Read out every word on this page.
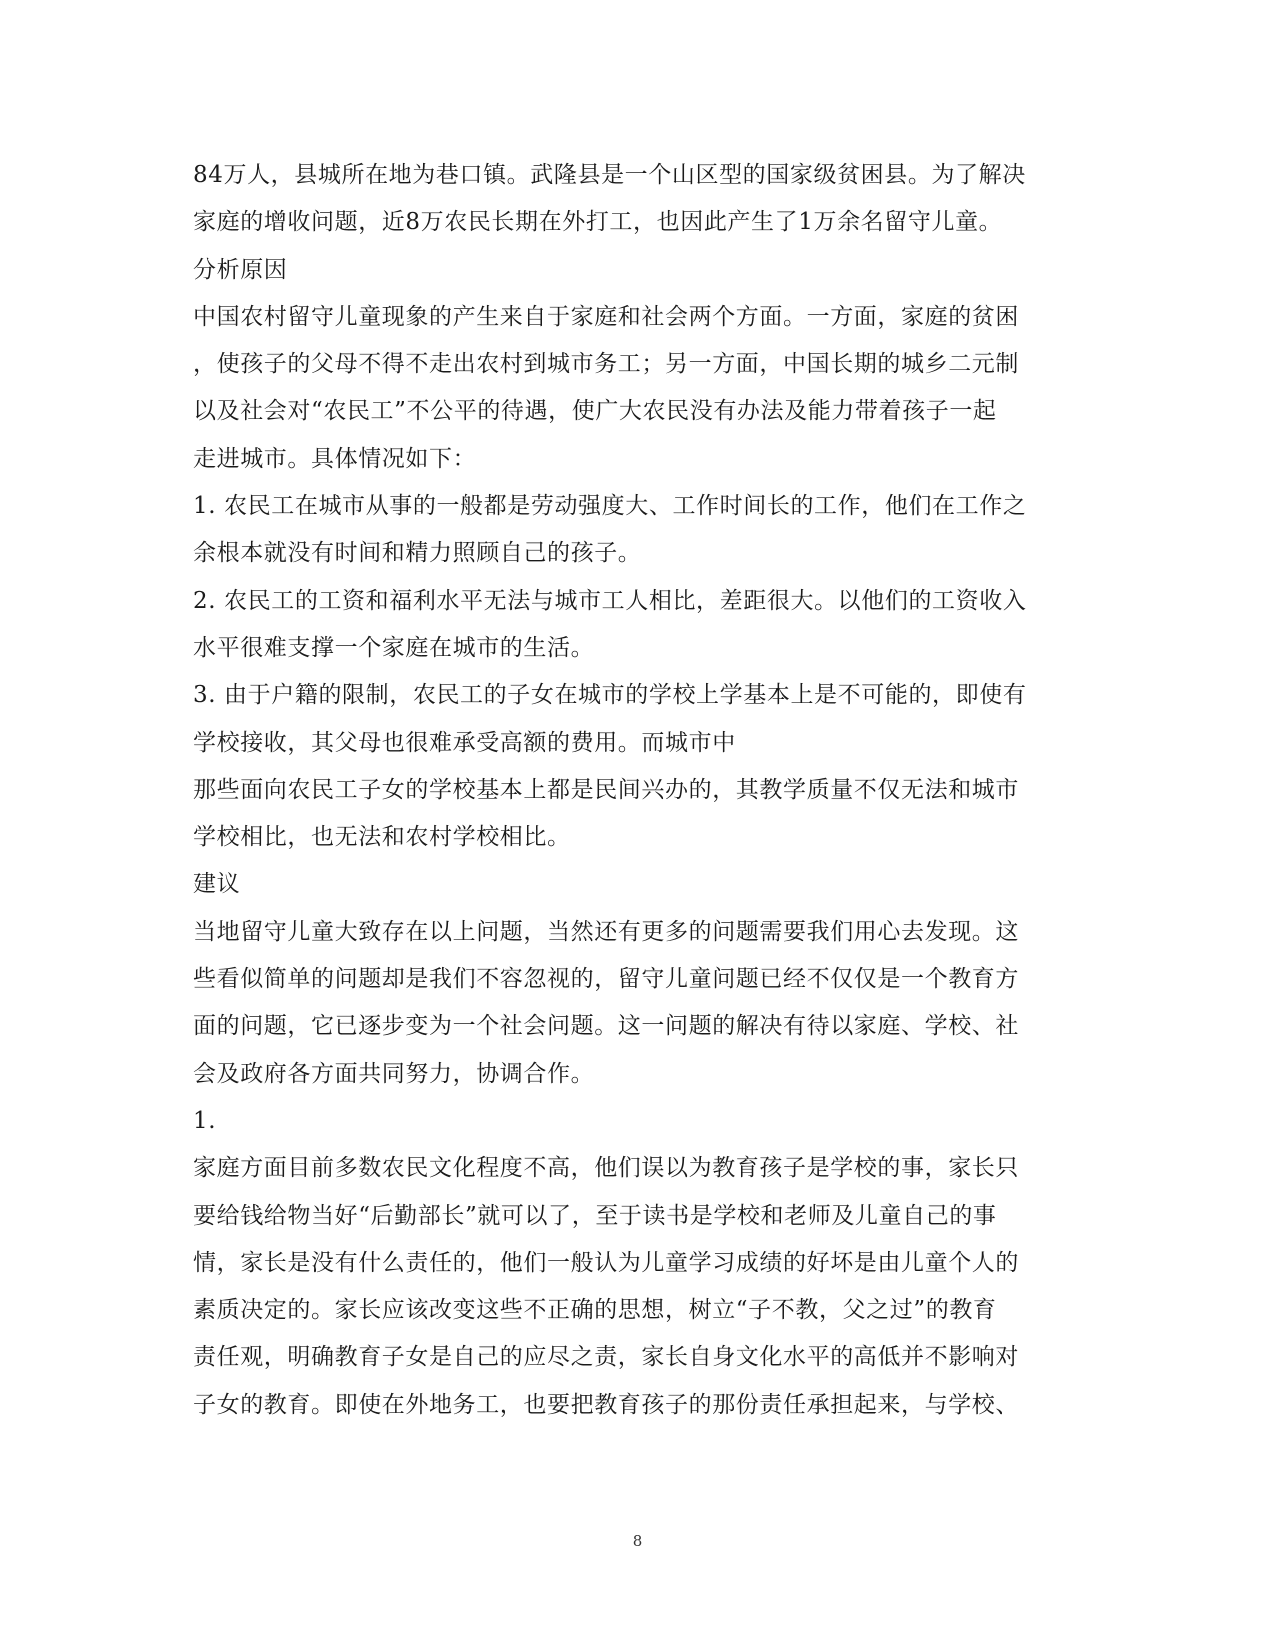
84万人，县城所在地为巷口镇。武隆县是一个山区型的国家级贫困县。为了解决
家庭的增收问题，近8万农民长期在外打工，也因此产生了1万余名留守儿童。
分析原因
中国农村留守儿童现象的产生来自于家庭和社会两个方面。一方面，家庭的贫困
，使孩子的父母不得不走出农村到城市务工；另一方面，中国长期的城乡二元制
以及社会对“农民工”不公平的待遇，使广大农民没有办法及能力带着孩子一起
走进城市。具体情况如下：
1. 农民工在城市从事的一般都是劳动强度大、工作时间长的工作，他们在工作之
余根本就没有时间和精力照顾自己的孩子。
2. 农民工的工资和福利水平无法与城市工人相比，差距很大。以他们的工资收入
水平很难支撑一个家庭在城市的生活。
3. 由于户籍的限制，农民工的子女在城市的学校上学基本上是不可能的，即使有
学校接收，其父母也很难承受高额的费用。而城市中
那些面向农民工子女的学校基本上都是民间兴办的，其教学质量不仅无法和城市
学校相比，也无法和农村学校相比。
建议
当地留守儿童大致存在以上问题，当然还有更多的问题需要我们用心去发现。这
些看似简单的问题却是我们不容忽视的，留守儿童问题已经不仅仅是一个教育方
面的问题，它已逐步变为一个社会问题。这一问题的解决有待以家庭、学校、社
会及政府各方面共同努力，协调合作。
1.
家庭方面目前多数农民文化程度不高，他们误以为教育孩子是学校的事，家长只
要给钱给物当好“后勤部长”就可以了，至于读书是学校和老师及儿童自己的事
情，家长是没有什么责任的，他们一般认为儿童学习成绩的好坏是由儿童个人的
素质决定的。家长应该改变这些不正确的思想，树立“子不教，父之过”的教育
责任观，明确教育子女是自己的应尽之责，家长自身文化水平的高低并不影响对
子女的教育。即使在外地务工，也要把教育孩子的那份责任承担起来，与学校、
8
